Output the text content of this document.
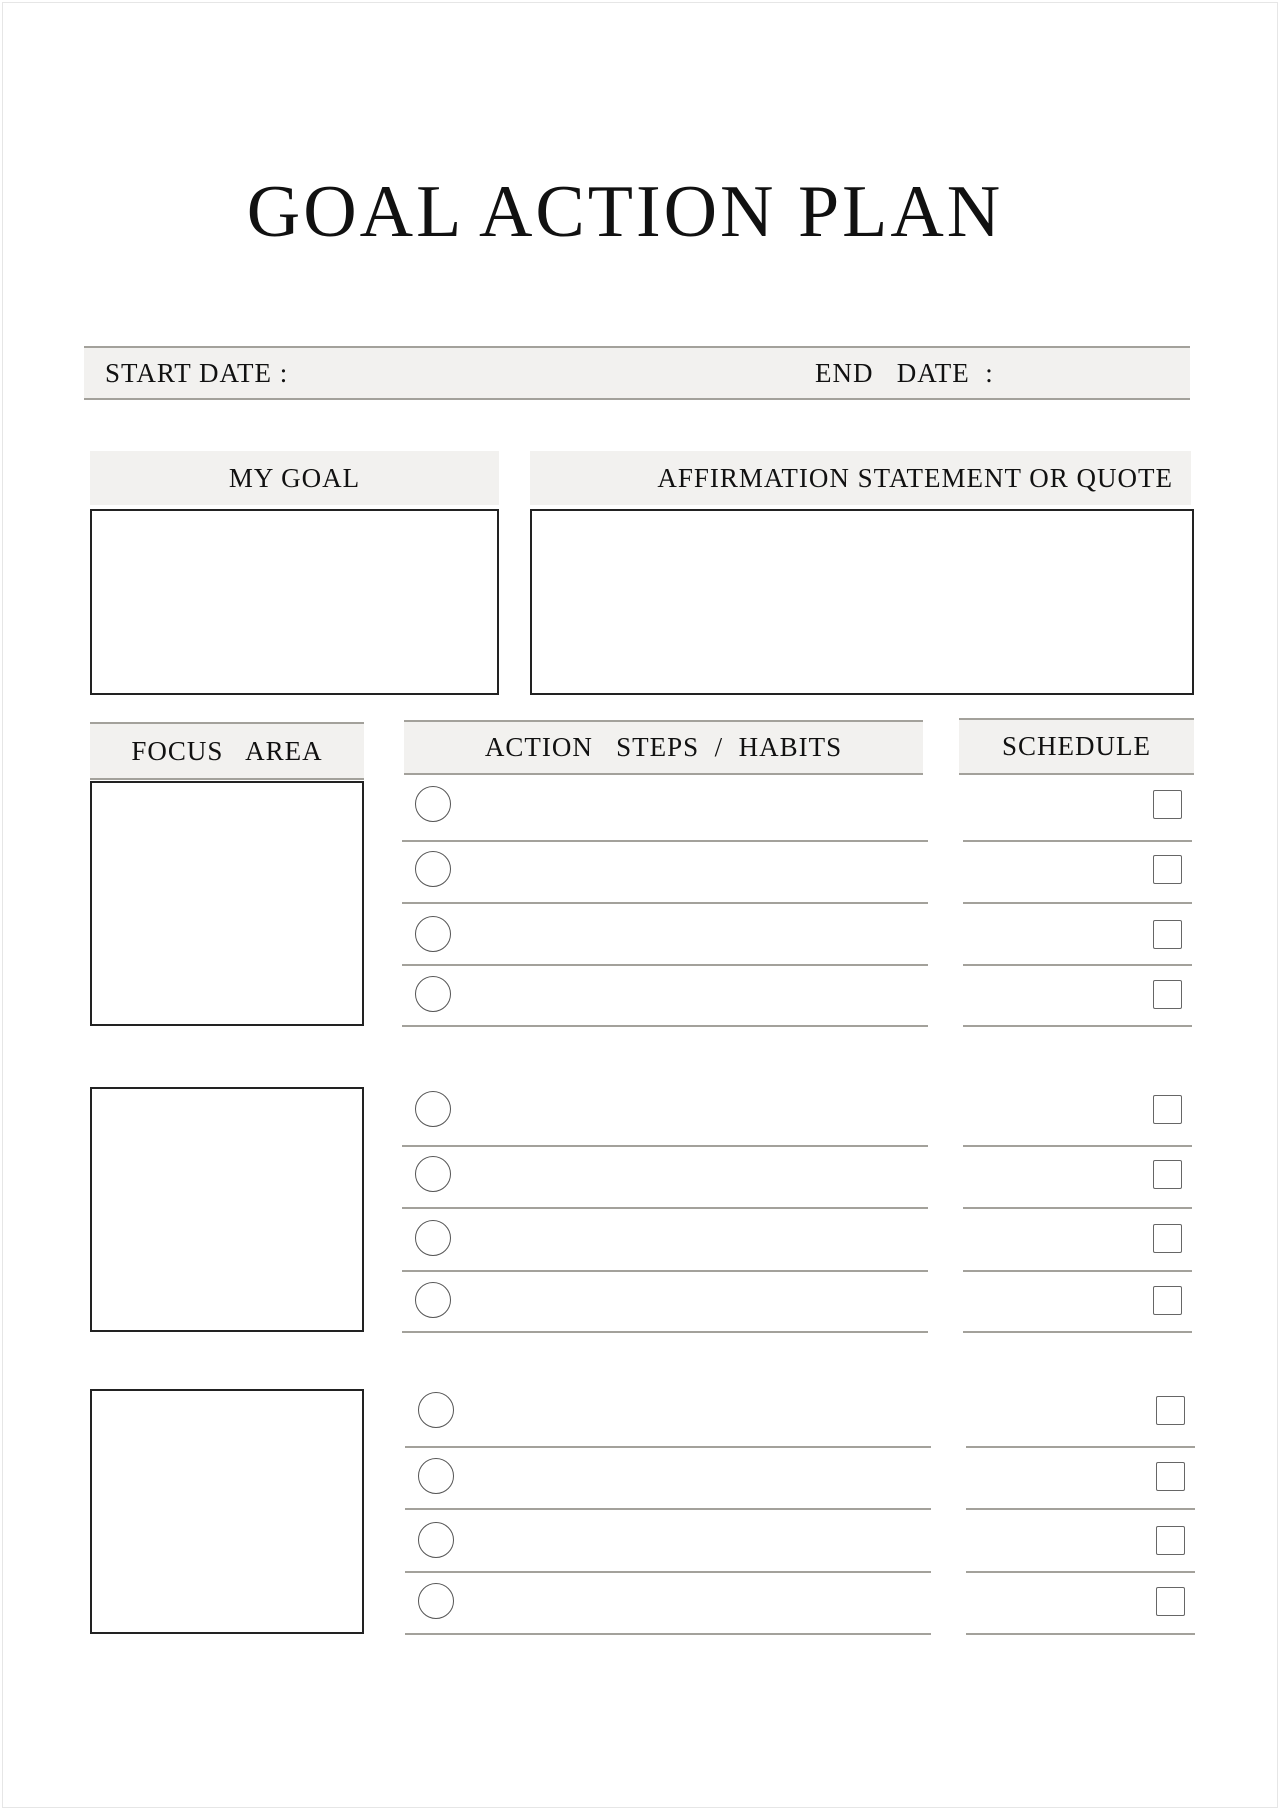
GOAL ACTION PLAN
START DATE :	END   DATE  :
MY GOAL	AFFIRMATION STATEMENT OR QUOTE
FOCUS   AREA	ACTION   STEPS  /  HABITS	SCHEDULE
